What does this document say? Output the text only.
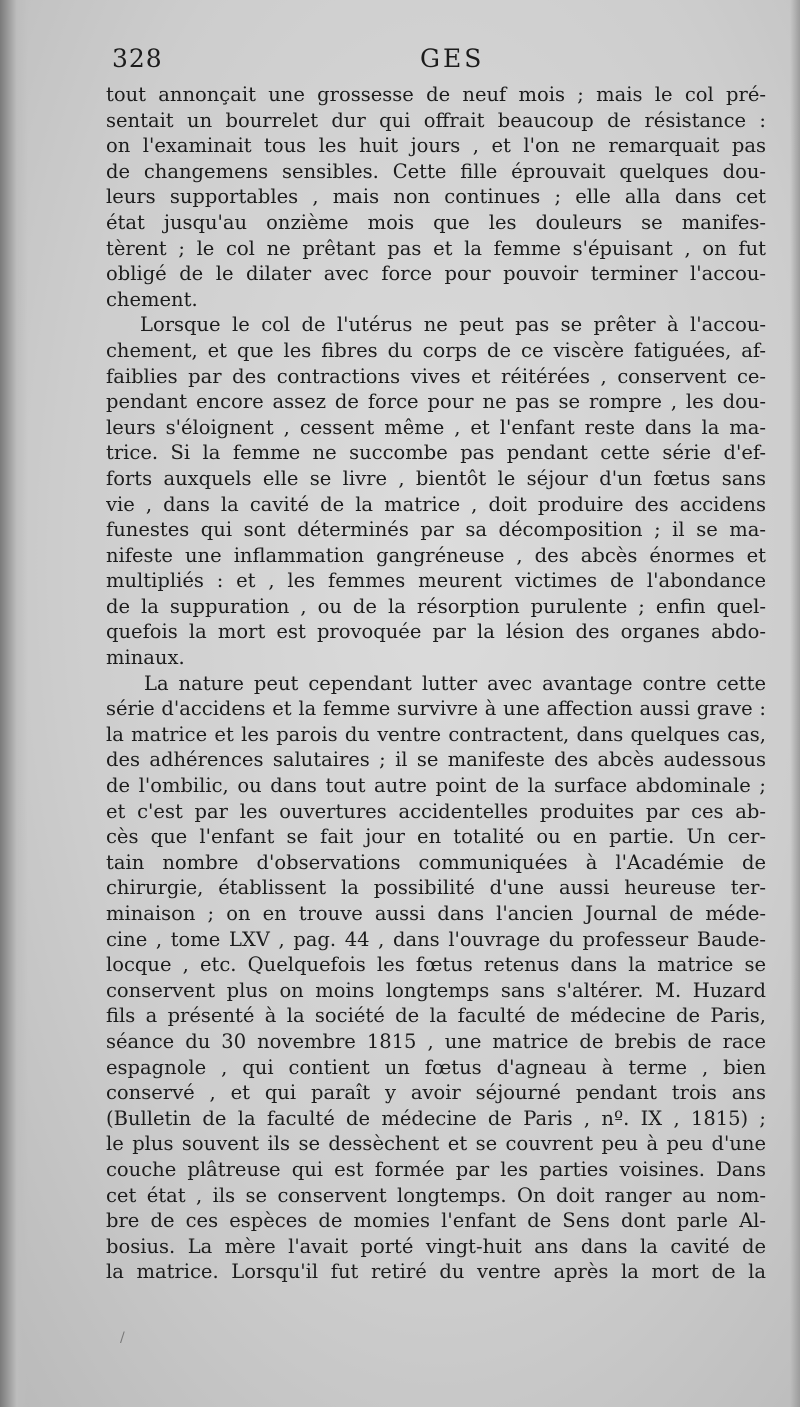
328	GES
tout annonçait une grossesse de neuf mois ; mais le col pré-
sentait un bourrelet dur qui offrait beaucoup de résistance :
on l'examinait tous les huit jours , et l'on ne remarquait pas
de changemens sensibles. Cette fille éprouvait quelques dou-
leurs supportables , mais non continues ; elle alla dans cet
état jusqu'au onzième mois que les douleurs se manifes-
tèrent ; le col ne prêtant pas et la femme s'épuisant , on fut
obligé de le dilater avec force pour pouvoir terminer l'accou-
chement.
Lorsque le col de l'utérus ne peut pas se prêter à l'accou-
chement, et que les fibres du corps de ce viscère fatiguées, af-
faiblies par des contractions vives et réitérées , conservent ce-
pendant encore assez de force pour ne pas se rompre , les dou-
leurs s'éloignent , cessent même , et l'enfant reste dans la ma-
trice. Si la femme ne succombe pas pendant cette série d'ef-
forts auxquels elle se livre , bientôt le séjour d'un fœtus sans
vie , dans la cavité de la matrice , doit produire des accidens
funestes qui sont déterminés par sa décomposition ; il se ma-
nifeste une inflammation gangréneuse , des abcès énormes et
multipliés : et , les femmes meurent victimes de l'abondance
de la suppuration , ou de la résorption purulente ; enfin quel-
quefois la mort est provoquée par la lésion des organes abdo-
minaux.
La nature peut cependant lutter avec avantage contre cette
série d'accidens et la femme survivre à une affection aussi grave :
la matrice et les parois du ventre contractent, dans quelques cas,
des adhérences salutaires ; il se manifeste des abcès audessous
de l'ombilic, ou dans tout autre point de la surface abdominale ;
et c'est par les ouvertures accidentelles produites par ces ab-
cès que l'enfant se fait jour en totalité ou en partie. Un cer-
tain nombre d'observations communiquées à l'Académie de
chirurgie, établissent la possibilité d'une aussi heureuse ter-
minaison ; on en trouve aussi dans l'ancien Journal de méde-
cine , tome LXV , pag. 44 , dans l'ouvrage du professeur Baude-
locque , etc. Quelquefois les fœtus retenus dans la matrice se
conservent plus on moins longtemps sans s'altérer. M. Huzard
fils a présenté à la société de la faculté de médecine de Paris,
séance du 30 novembre 1815 , une matrice de brebis de race
espagnole , qui contient un fœtus d'agneau à terme , bien
conservé , et qui paraît y avoir séjourné pendant trois ans
(Bulletin de la faculté de médecine de Paris , nº. IX , 1815) ;
le plus souvent ils se dessèchent et se couvrent peu à peu d'une
couche plâtreuse qui est formée par les parties voisines. Dans
cet état , ils se conservent longtemps. On doit ranger au nom-
bre de ces espèces de momies l'enfant de Sens dont parle Al-
bosius. La mère l'avait porté vingt-huit ans dans la cavité de
la matrice. Lorsqu'il fut retiré du ventre après la mort de la
/
